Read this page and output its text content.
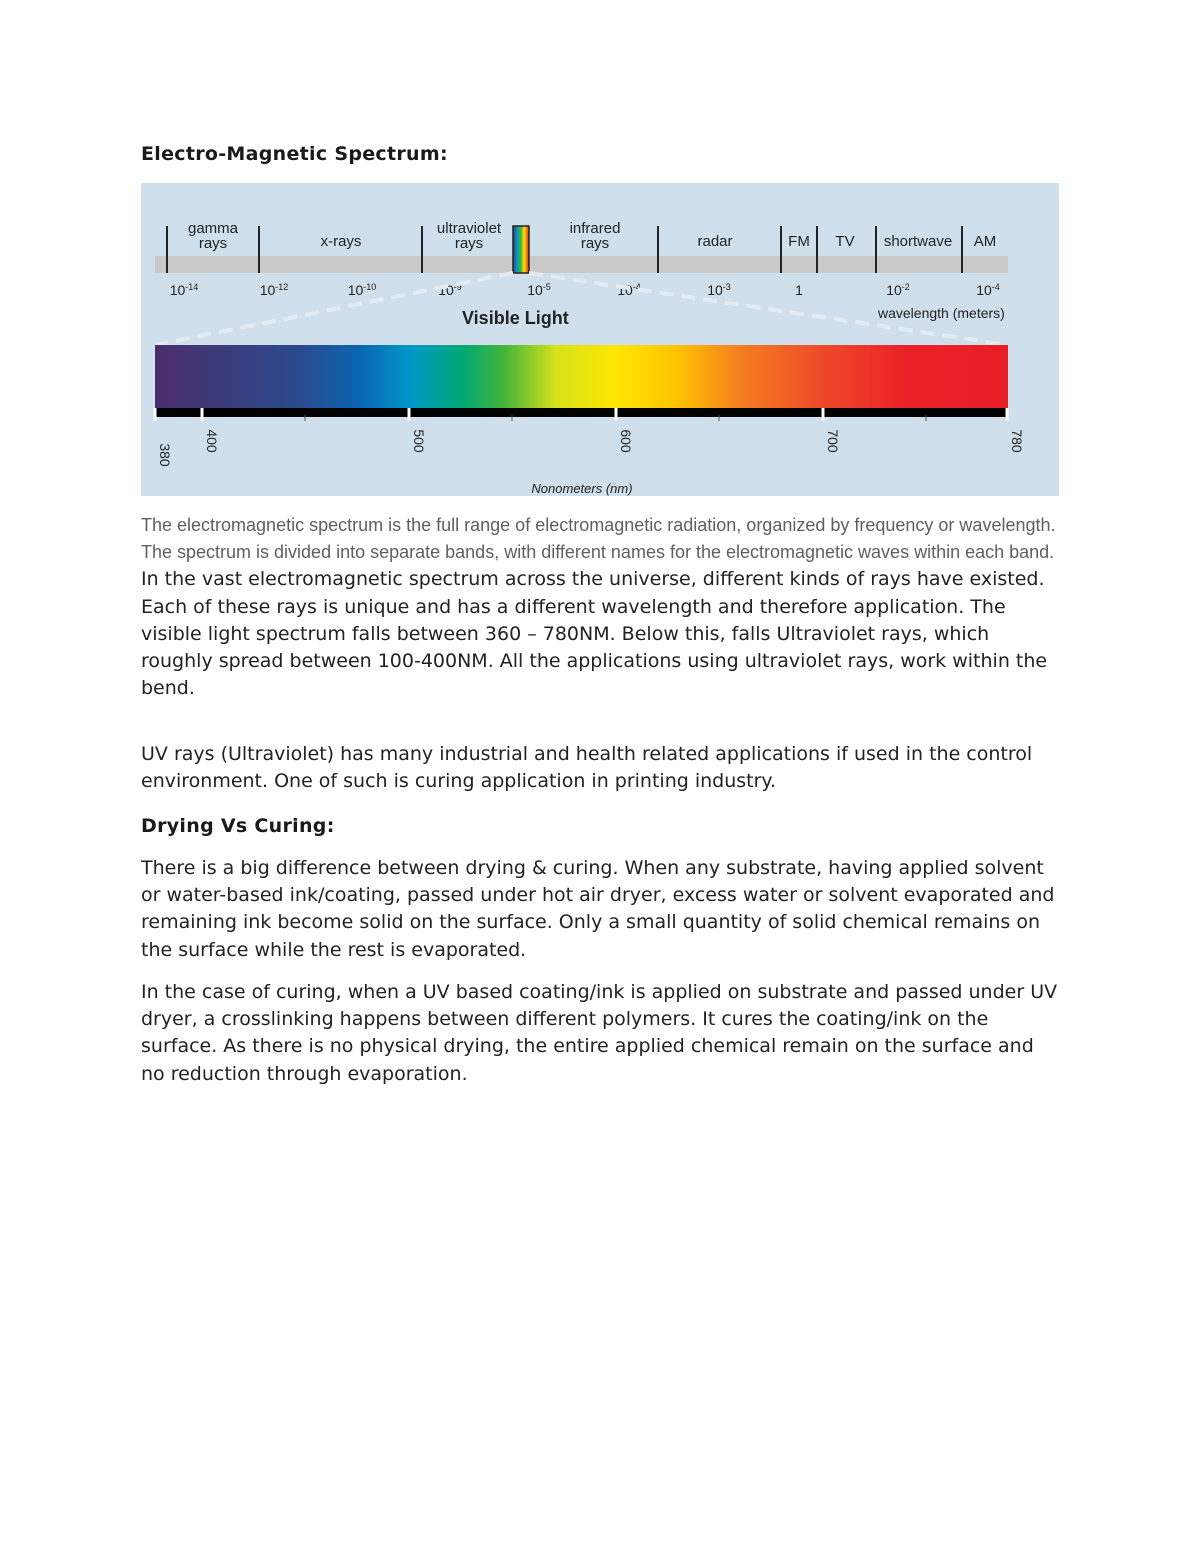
Electro-Magnetic Spectrum:
gamma rays	x-rays
ultraviolet rays
infrared rays	radar	FM TV shortwave AM
$10^{-14}$	$10^{-12}$	$10^{-10}$	$10^{-9}$	$10^{-5}$	$10^{-4}$	$10^{-3}$	1	$10^{-2}$	$10^{-4}$
wavelength (meters)
Visible Light
380
400	500	600	700	780
Nonometers (nm)

The electromagnetic spectrum is the full range of electromagnetic radiation, organized by frequency or wavelength. The spectrum is divided into separate bands, with different names for the electromagnetic waves within each band. In the vast electromagnetic spectrum across the universe, different kinds of rays have existed. Each of these rays is unique and has a different wavelength and therefore application. The visible light spectrum falls between 360 – 780NM. Below this, falls Ultraviolet rays, which roughly spread between 100-400NM. All the applications using ultraviolet rays, work within the bend.

UV rays (Ultraviolet) has many industrial and health related applications if used in the control environment. One of such is curing application in printing industry.

Drying Vs Curing:

There is a big difference between drying & curing. When any substrate, having applied solvent or water-based ink/coating, passed under hot air dryer, excess water or solvent evaporated and remaining ink become solid on the surface. Only a small quantity of solid chemical remains on the surface while the rest is evaporated.

In the case of curing, when a UV based coating/ink is applied on substrate and passed under UV dryer, a crosslinking happens between different polymers. It cures the coating/ink on the surface. As there is no physical drying, the entire applied chemical remain on the surface and no reduction through evaporation.
